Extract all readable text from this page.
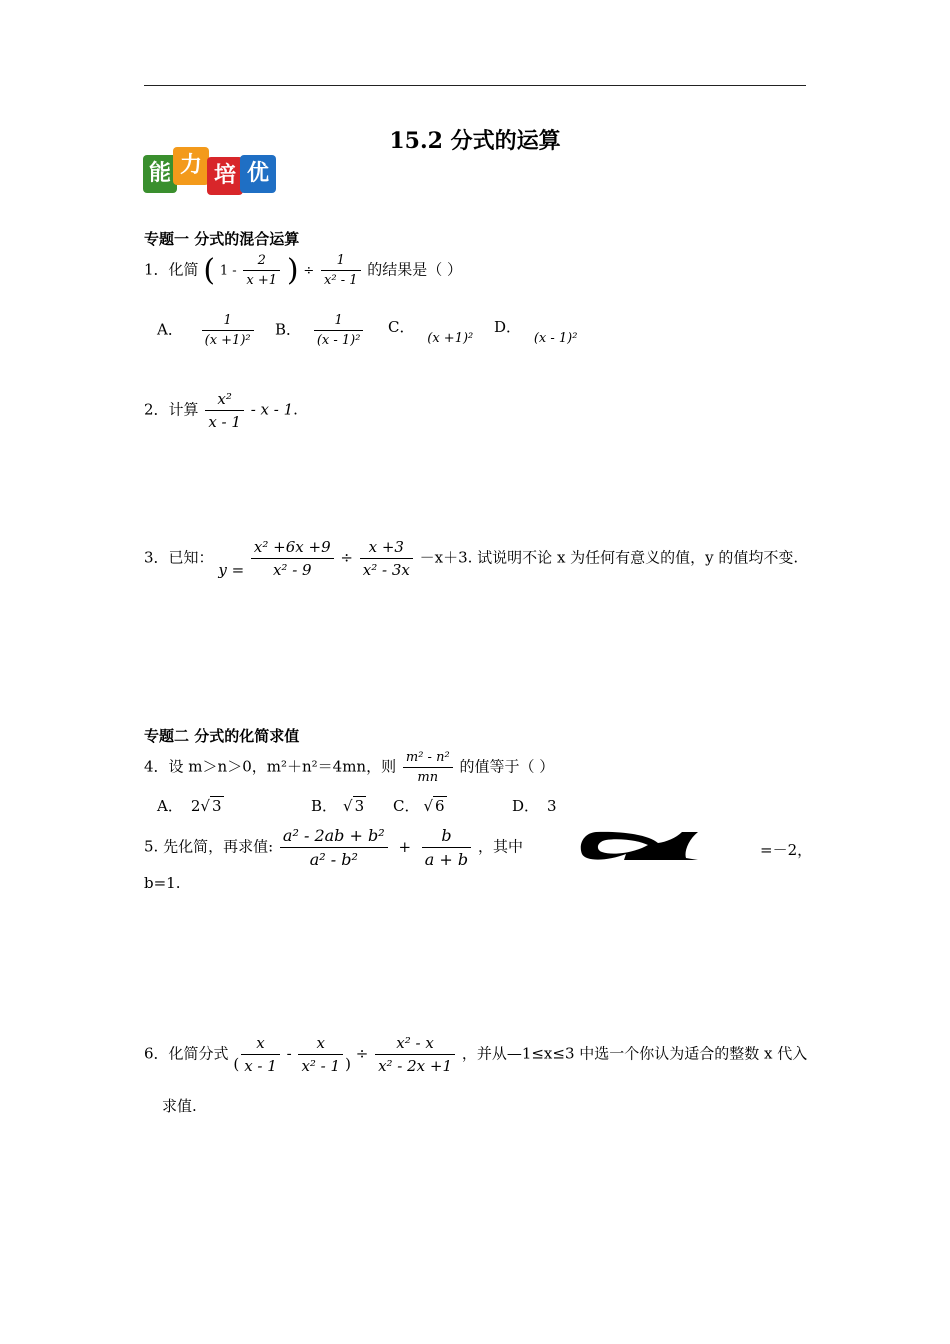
15.2 分式的运算
能 力 培 优
专题一 分式的混合运算
1．化简 ( $1 - \frac{2}{x +1}$ ) ÷ $\frac{1}{\text{x² - 1}}$ 的结果是（ ）
A． $\frac{1}{\text{(x +1)²}}$ B． $\frac{1}{\text{(x - 1)²}}$ C． (x +1)²
D． (x - 1)²
2．计算 $\frac{\text{x²}}{x - 1}$ - x - 1.
3．已知： $y = \frac{\text{x² +6x +9}}{\text{x² - 9}} \div \frac{x +3}{\text{x² - 3x}} -x+3$. 试说明不论 x 为任何有意义的值，y 的值均不变.
专题二 分式的化简求值
4．设 m＞n＞0，m²＋n²＝4mn，则 $\frac{\text{m² - n²}}{mn}$ 的值等于（ ）
A． 2√ 3	B． √ 3 C． √ 6	D． 3
5. 先化简，再求值: $\frac{\text{a² - 2ab + b²}}{\text{a² - b²}} + \frac{b}{a + b}$ ，其中	=－2，
b=1.
6．化简分式 ( $\frac{x}{x - 1} - \frac{x}{\text{x² - 1}}$ ) ÷ $\frac{\text{x² - x}}{\text{x² - 2x +1}}$ ，并从—1≤x≤3 中选一个你认为适合的整数 x 代入
求值.
